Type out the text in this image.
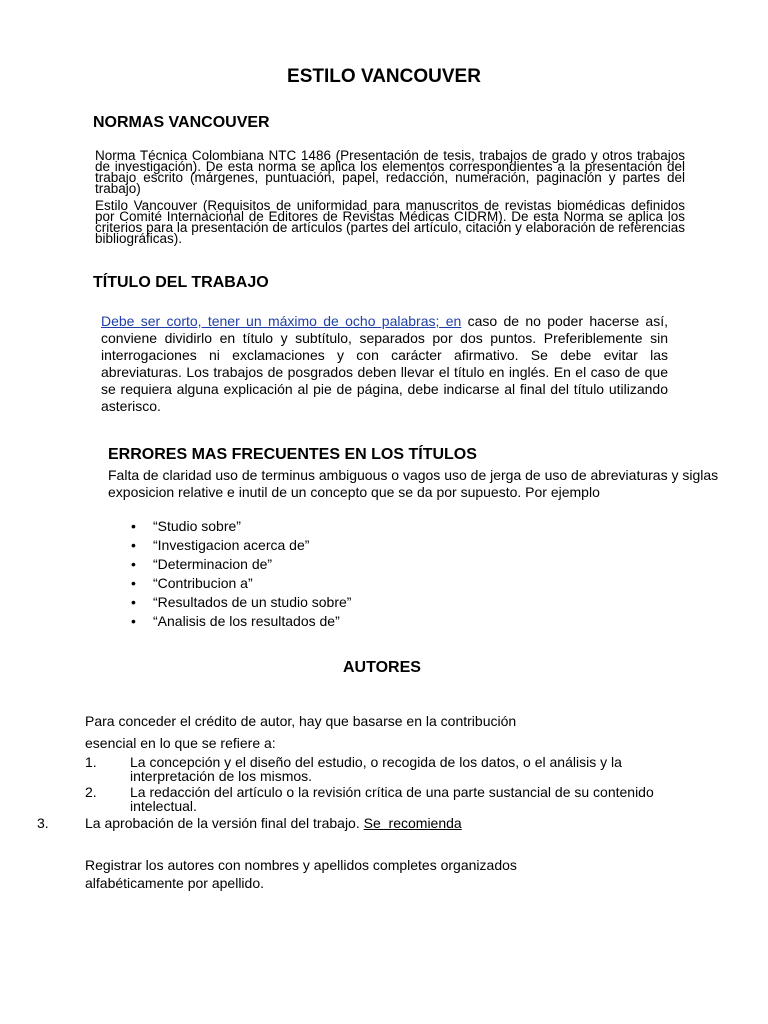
ESTILO VANCOUVER
NORMAS VANCOUVER

Norma Técnica Colombiana NTC 1486 (Presentación de tesis, trabajos de grado y otros trabajos de investigación). De esta norma se aplica los elementos correspondientes a la presentación del trabajo escrito (márgenes, puntuación, papel, redacción, numeración, paginación y partes del trabajo)

Estilo Vancouver (Requisitos de uniformidad para manuscritos de revistas biomédicas definidos por Comité Internacional de Editores de Revistas Médicas CIDRM). De esta Norma se aplica los criterios para la presentación de artículos (partes del artículo, citación y elaboración de referencias bibliográficas).

TÍTULO DEL TRABAJO
Debe ser corto, tener un máximo de ocho palabras; en caso de no poder hacerse así, conviene dividirlo en título y subtítulo, separados por dos puntos. Preferiblemente sin interrogaciones ni exclamaciones y con carácter afirmativo. Se debe evitar las abreviaturas. Los trabajos de posgrados deben llevar el título en inglés. En el caso de que se requiera alguna explicación al pie de página, debe indicarse al final del título utilizando asterisco.
ERRORES MAS FRECUENTES EN LOS TÍTULOS
Falta de claridad uso de terminus ambiguous o vagos uso de jerga de uso de abreviaturas y siglas exposicion relative e inutil de un concepto que se da por supuesto. Por ejemplo
• “Studio sobre”
• “Investigacion acerca de”
• “Determinacion de”
• “Contribucion a”
• “Resultados de un studio sobre”
• “Analisis de los resultados de”
AUTORES
Para conceder el crédito de autor, hay que basarse en la contribución
esencial en lo que se refiere a:
1. La concepción y el diseño del estudio, o recogida de los datos, o el análisis y la interpretación de los mismos.
2. La redacción del artículo o la revisión crítica de una parte sustancial de su contenido intelectual.
3.	La aprobación de la versión final del trabajo. Se  recomienda
Registrar los autores con nombres y apellidos completes organizados alfabéticamente por apellido.
